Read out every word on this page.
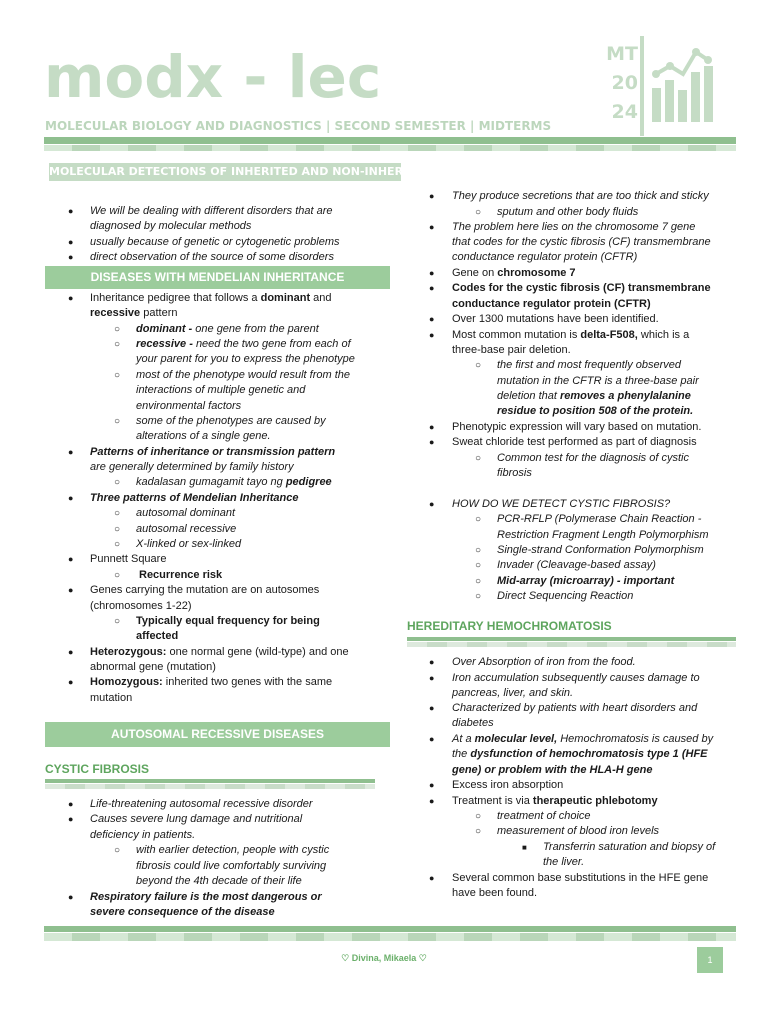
modx - lec
MOLECULAR BIOLOGY AND DIAGNOSTICS | SECOND SEMESTER | MIDTERMS
MT
20
24
MOLECULAR DETECTIONS OF INHERITED AND NON-INHERITED DISORDERS
● We will be dealing with different disorders that are
diagnosed by molecular methods
● usually because of genetic or cytogenetic problems
● direct observation of the source of some disorders
DISEASES WITH MENDELIAN INHERITANCE
● Inheritance pedigree that follows a dominant and
recessive pattern
○ dominant - one gene from the parent
○ recessive - need the two gene from each of
your parent for you to express the phenotype
○ most of the phenotype would result from the
interactions of multiple genetic and
environmental factors
○ some of the phenotypes are caused by
alterations of a single gene.
● Patterns of inheritance or transmission pattern
are generally determined by family history
○ kadalasan gumagamit tayo ng pedigree
● Three patterns of Mendelian Inheritance
○ autosomal dominant
○ autosomal recessive
○ X-linked or sex-linked
● Punnett Square
○ Recurrence risk
● Genes carrying the mutation are on autosomes
(chromosomes 1-22)
○ Typically equal frequency for being
affected
● Heterozygous: one normal gene (wild-type) and one
abnormal gene (mutation)
● Homozygous: inherited two genes with the same
mutation
AUTOSOMAL RECESSIVE DISEASES
CYSTIC FIBROSIS
● Life-threatening autosomal recessive disorder
● Causes severe lung damage and nutritional
deficiency in patients.
○ with earlier detection, people with cystic
fibrosis could live comfortably surviving
beyond the 4th decade of their life
● Respiratory failure is the most dangerous or
severe consequence of the disease
● They produce secretions that are too thick and sticky
○ sputum and other body fluids
● The problem here lies on the chromosome 7 gene
that codes for the cystic fibrosis (CF) transmembrane
conductance regulator protein (CFTR)
● Gene on chromosome 7
● Codes for the cystic fibrosis (CF) transmembrane
conductance regulator protein (CFTR)
● Over 1300 mutations have been identified.
● Most common mutation is delta-F508, which is a
three-base pair deletion.
○ the first and most frequently observed
mutation in the CFTR is a three-base pair
deletion that removes a phenylalanine
residue to position 508 of the protein.
● Phenotypic expression will vary based on mutation.
● Sweat chloride test performed as part of diagnosis
○ Common test for the diagnosis of cystic
fibrosis
● HOW DO WE DETECT CYSTIC FIBROSIS?
○ PCR-RFLP (Polymerase Chain Reaction -
Restriction Fragment Length Polymorphism
○ Single-strand Conformation Polymorphism
○ Invader (Cleavage-based assay)
○ Mid-array (microarray) - important
○ Direct Sequencing Reaction
HEREDITARY HEMOCHROMATOSIS
● Over Absorption of iron from the food.
● Iron accumulation subsequently causes damage to
pancreas, liver, and skin.
● Characterized by patients with heart disorders and
diabetes
● At a molecular level, Hemochromatosis is caused by
the dysfunction of hemochromatosis type 1 (HFE
gene) or problem with the HLA-H gene
● Excess iron absorption
● Treatment is via therapeutic phlebotomy
○ treatment of choice
○ measurement of blood iron levels
■ Transferrin saturation and biopsy of
the liver.
● Several common base substitutions in the HFE gene
have been found.
♡ Divina, Mikaela ♡	1
